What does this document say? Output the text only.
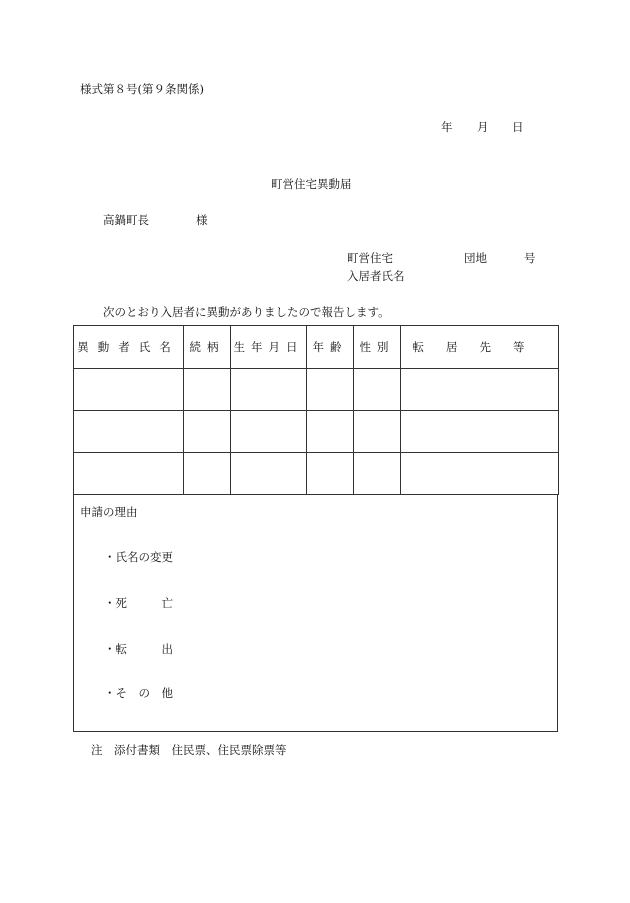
様式第８号(第９条関係)
年 月 日
町営住宅異動届
高鍋町長	様
町営住宅	団地	号
入居者氏名
次のとおり入居者に異動がありましたので報告します。
異動者氏名	続柄	生年月日	年齢	性別	転居先等

申請の理由
・氏名の変更
・死　　　亡
・転　　　出
・そ　の　他
注　添付書類　住民票、住民票除票等
